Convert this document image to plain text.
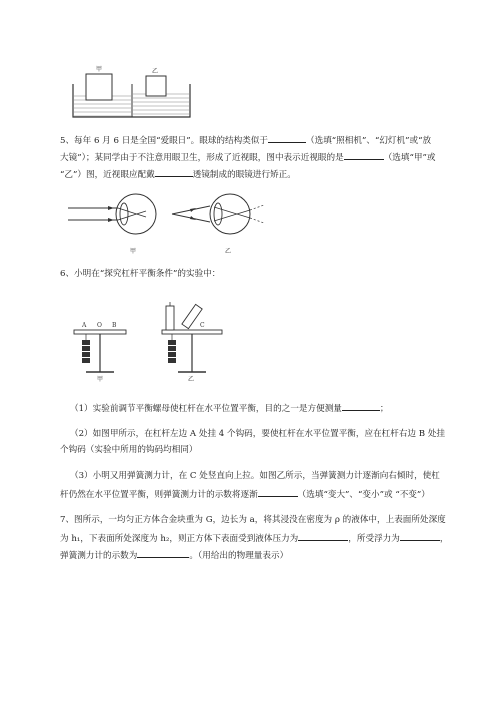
甲	乙
5、每年 6 月 6 日是全国“爱眼日”。眼球的结构类似于	（选填“照相机”、“幻灯机”或“放
大镜”）；某同学由于不注意用眼卫生，形成了近视眼，图中表示近视眼的是	（选填“甲”或
“乙”）图，近视眼应配戴	透镜制成的眼镜进行矫正。
甲	乙
6、小明在“探究杠杆平衡条件”的实验中：
A O B	C
甲	乙
（1）实验前调节平衡螺母使杠杆在水平位置平衡，目的之一是方便测量	；
（2）如图甲所示，在杠杆左边 A 处挂 4 个钩码，要使杠杆在水平位置平衡，应在杠杆右边 B 处挂
个钩码（实验中所用的钩码均相同）
（3）小明又用弹簧测力计，在 C 处竖直向上拉。如图乙所示，当弹簧测力计逐渐向右倾时，使杠
杆仍然在水平位置平衡，则弹簧测力计的示数将逐渐	（选填“变大”、“变小”或 “不变”）
7、图所示，一均匀正方体合金块重为 G，边长为 a，将其浸没在密度为 ρ 的液体中，上表面所处深度
为 h₁，下表面所处深度为 h₂，则正方体下表面受到液体压力为	，所受浮力为	，
弹簧测力计的示数为	。（用给出的物理量表示）
